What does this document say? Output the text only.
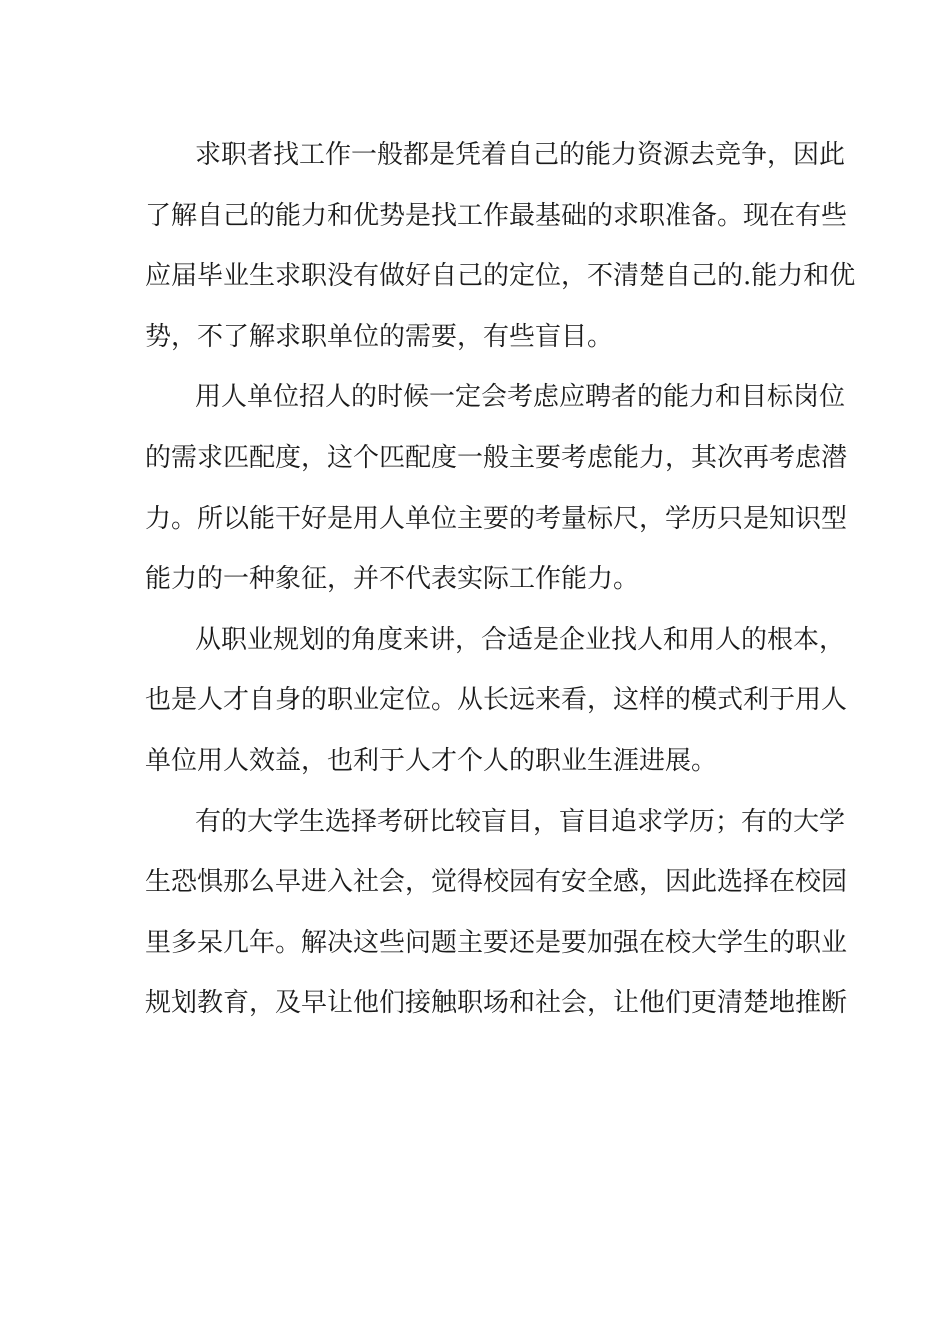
求职者找工作一般都是凭着自己的能力资源去竞争，因此
了解自己的能力和优势是找工作最基础的求职准备。现在有些
应届毕业生求职没有做好自己的定位，不清楚自己的.能力和优
势，不了解求职单位的需要，有些盲目。
用人单位招人的时候一定会考虑应聘者的能力和目标岗位
的需求匹配度，这个匹配度一般主要考虑能力，其次再考虑潜
力。所以能干好是用人单位主要的考量标尺，学历只是知识型
能力的一种象征，并不代表实际工作能力。
从职业规划的角度来讲，合适是企业找人和用人的根本，
也是人才自身的职业定位。从长远来看，这样的模式利于用人
单位用人效益，也利于人才个人的职业生涯进展。
有的大学生选择考研比较盲目，盲目追求学历；有的大学
生恐惧那么早进入社会，觉得校园有安全感，因此选择在校园
里多呆几年。解决这些问题主要还是要加强在校大学生的职业
规划教育，及早让他们接触职场和社会，让他们更清楚地推断
